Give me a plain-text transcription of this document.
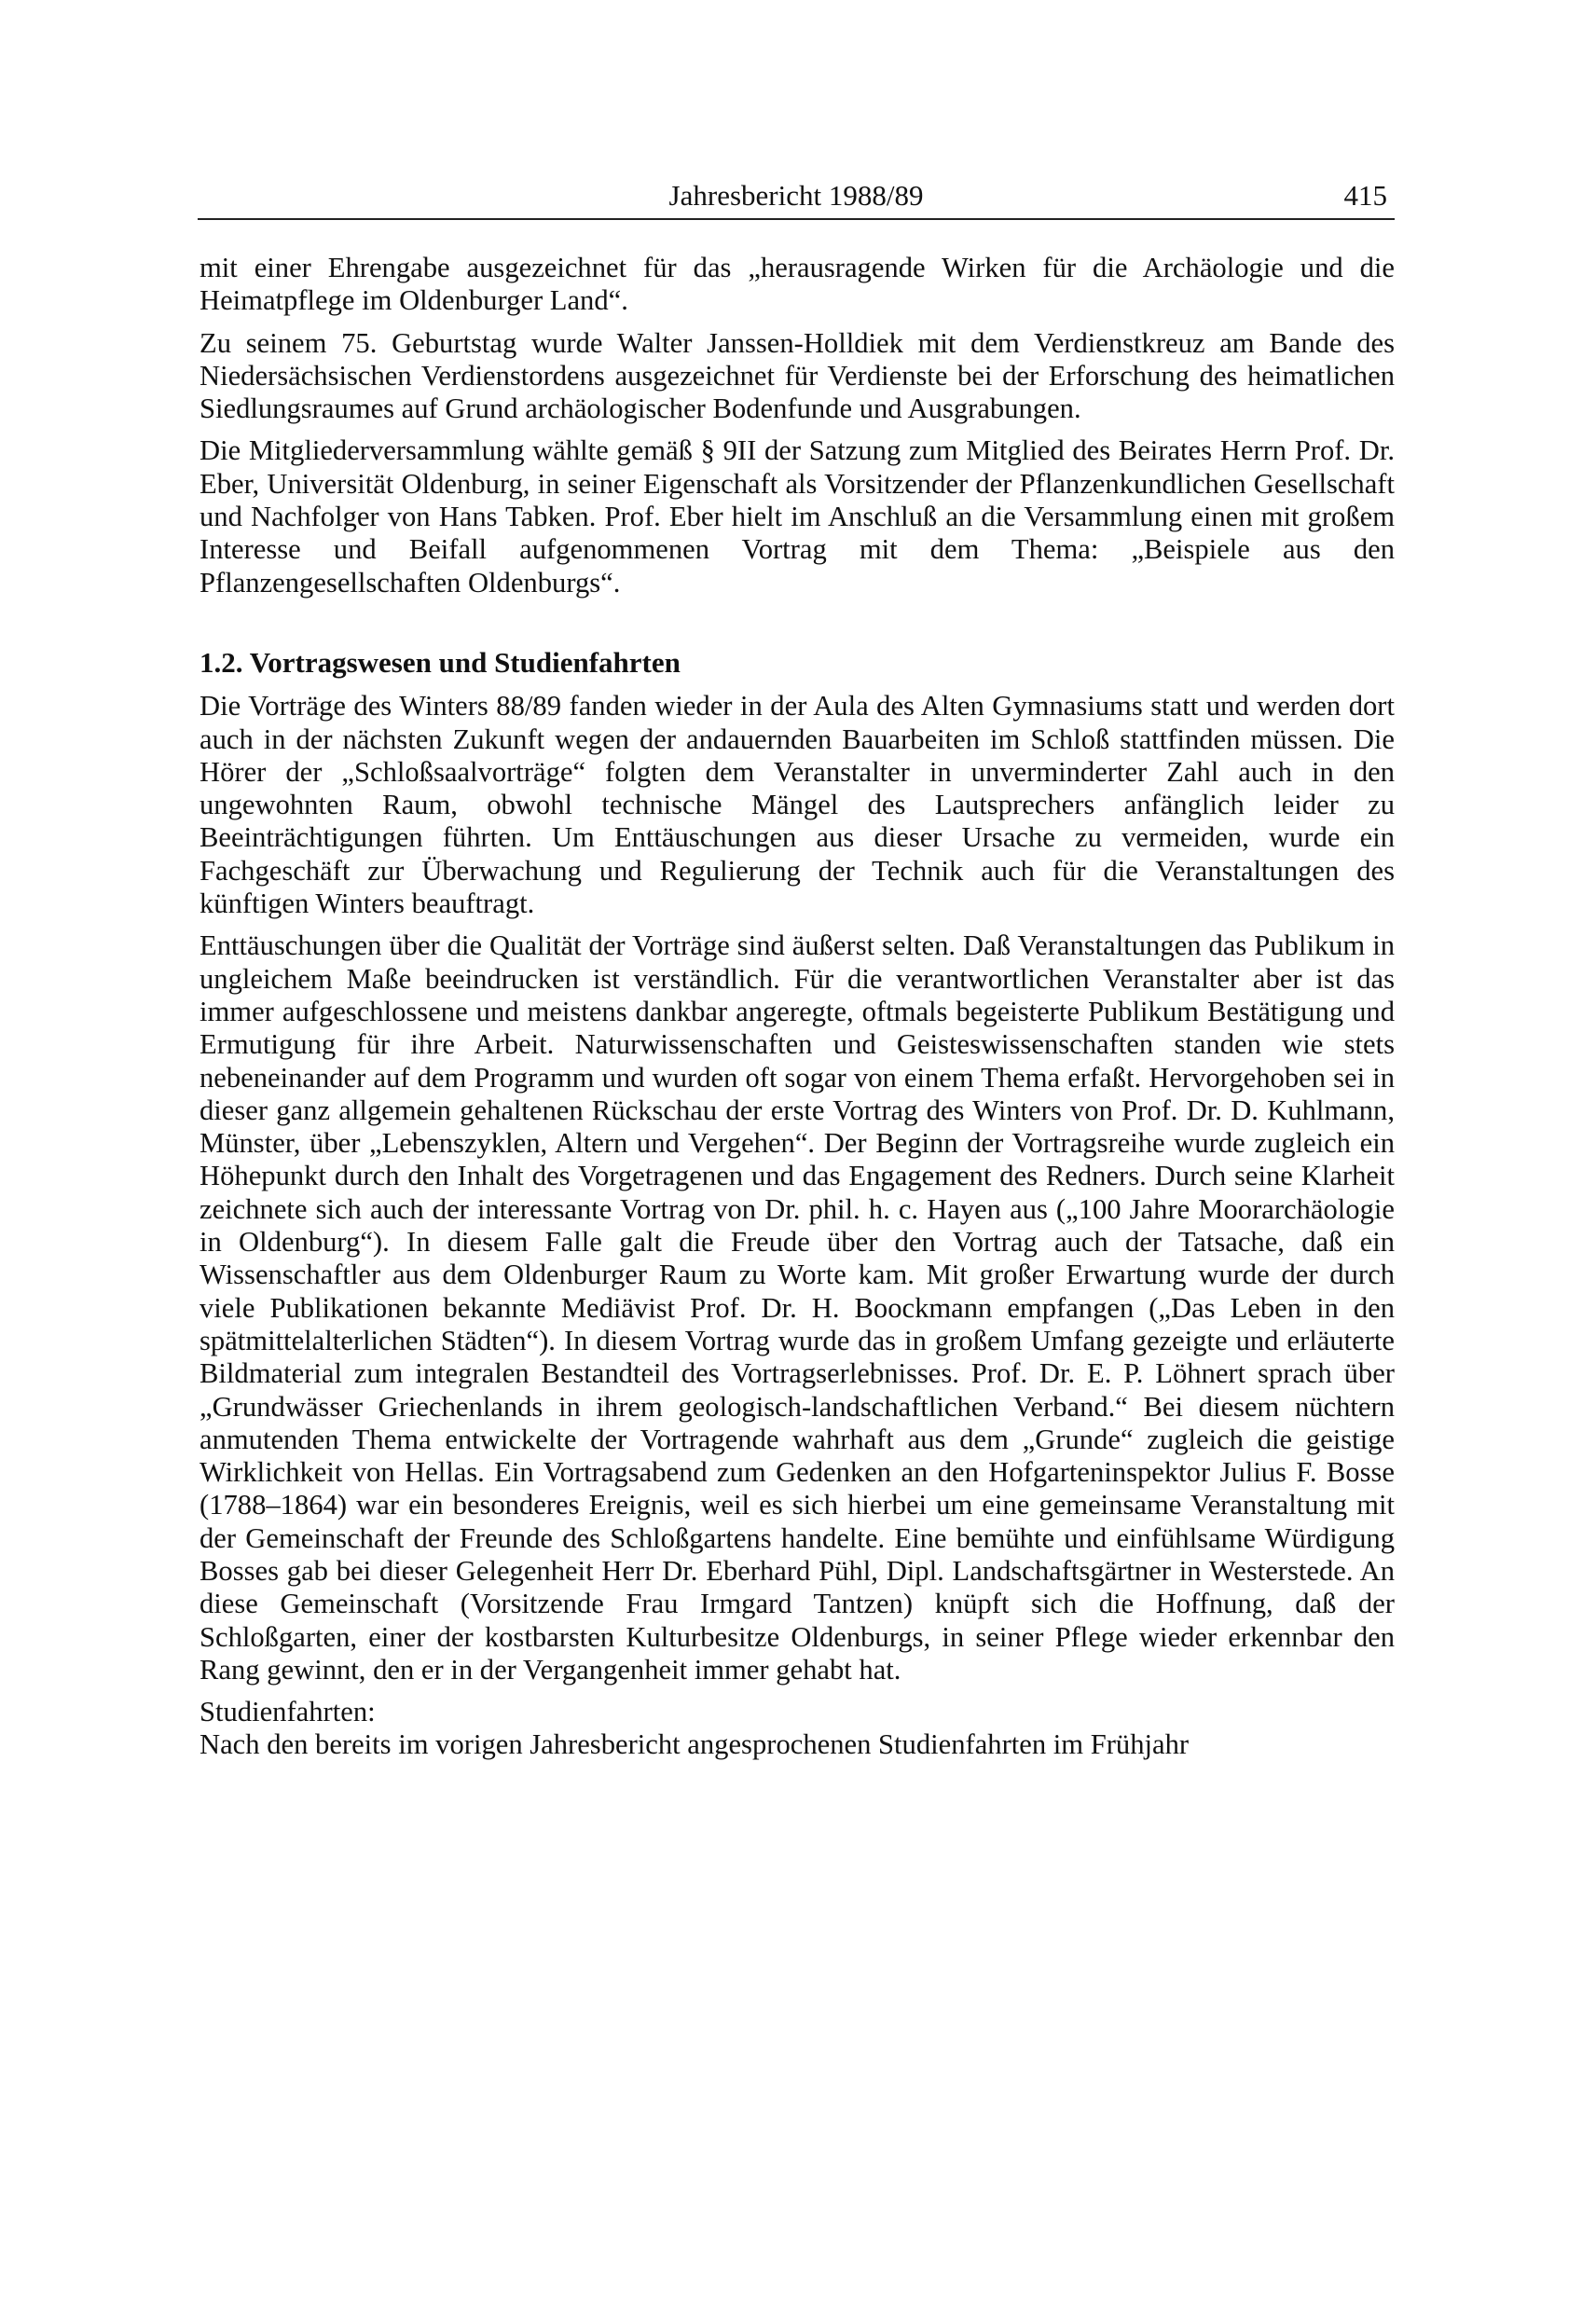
Jahresbericht 1988/89	415

mit einer Ehrengabe ausgezeichnet für das „herausragende Wirken für die Archäologie und die Heimatpflege im Oldenburger Land“.

Zu seinem 75. Geburtstag wurde Walter Janssen-Holldiek mit dem Verdienstkreuz am Bande des Niedersächsischen Verdienstordens ausgezeichnet für Verdienste bei der Erforschung des heimatlichen Siedlungsraumes auf Grund archäologischer Bodenfunde und Ausgrabungen.

Die Mitgliederversammlung wählte gemäß § 9II der Satzung zum Mitglied des Beirates Herrn Prof. Dr. Eber, Universität Oldenburg, in seiner Eigenschaft als Vorsitzender der Pflanzenkundlichen Gesellschaft und Nachfolger von Hans Tabken. Prof. Eber hielt im Anschluß an die Versammlung einen mit großem Interesse und Beifall aufgenommenen Vortrag mit dem Thema: „Beispiele aus den Pflanzengesellschaften Oldenburgs“.

1.2. Vortragswesen und Studienfahrten

Die Vorträge des Winters 88/89 fanden wieder in der Aula des Alten Gymnasiums statt und werden dort auch in der nächsten Zukunft wegen der andauernden Bauarbeiten im Schloß stattfinden müssen. Die Hörer der „Schloßsaalvorträge“ folgten dem Veranstalter in unverminderter Zahl auch in den ungewohnten Raum, obwohl technische Mängel des Lautsprechers anfänglich leider zu Beeinträchtigungen führten. Um Enttäuschungen aus dieser Ursache zu vermeiden, wurde ein Fachgeschäft zur Überwachung und Regulierung der Technik auch für die Veranstaltungen des künftigen Winters beauftragt.

Enttäuschungen über die Qualität der Vorträge sind äußerst selten. Daß Veranstaltungen das Publikum in ungleichem Maße beeindrucken ist verständlich. Für die verantwortlichen Veranstalter aber ist das immer aufgeschlossene und meistens dankbar angeregte, oftmals begeisterte Publikum Bestätigung und Ermutigung für ihre Arbeit. Naturwissenschaften und Geisteswissenschaften standen wie stets nebeneinander auf dem Programm und wurden oft sogar von einem Thema erfaßt. Hervorgehoben sei in dieser ganz allgemein gehaltenen Rückschau der erste Vortrag des Winters von Prof. Dr. D. Kuhlmann, Münster, über „Lebenszyklen, Altern und Vergehen“. Der Beginn der Vortragsreihe wurde zugleich ein Höhepunkt durch den Inhalt des Vorgetragenen und das Engagement des Redners. Durch seine Klarheit zeichnete sich auch der interessante Vortrag von Dr. phil. h. c. Hayen aus („100 Jahre Moorarchäologie in Oldenburg“). In diesem Falle galt die Freude über den Vortrag auch der Tatsache, daß ein Wissenschaftler aus dem Oldenburger Raum zu Worte kam. Mit großer Erwartung wurde der durch viele Publikationen bekannte Mediävist Prof. Dr. H. Boockmann empfangen („Das Leben in den spätmittelalterlichen Städten“). In diesem Vortrag wurde das in großem Umfang gezeigte und erläuterte Bildmaterial zum integralen Bestandteil des Vortragserlebnisses. Prof. Dr. E. P. Löhnert sprach über „Grundwässer Griechenlands in ihrem geologisch-landschaftlichen Verband.“ Bei diesem nüchtern anmutenden Thema entwickelte der Vortragende wahrhaft aus dem „Grunde“ zugleich die geistige Wirklichkeit von Hellas. Ein Vortragsabend zum Gedenken an den Hofgarteninspektor Julius F. Bosse (1788–1864) war ein besonderes Ereignis, weil es sich hierbei um eine gemeinsame Veranstaltung mit der Gemeinschaft der Freunde des Schloßgartens handelte. Eine bemühte und einfühlsame Würdigung Bosses gab bei dieser Gelegenheit Herr Dr. Eberhard Pühl, Dipl. Landschaftsgärtner in Westerstede. An diese Gemeinschaft (Vorsitzende Frau Irmgard Tantzen) knüpft sich die Hoffnung, daß der Schloßgarten, einer der kostbarsten Kulturbesitze Oldenburgs, in seiner Pflege wieder erkennbar den Rang gewinnt, den er in der Vergangenheit immer gehabt hat.

Studienfahrten:

Nach den bereits im vorigen Jahresbericht angesprochenen Studienfahrten im Frühjahr
